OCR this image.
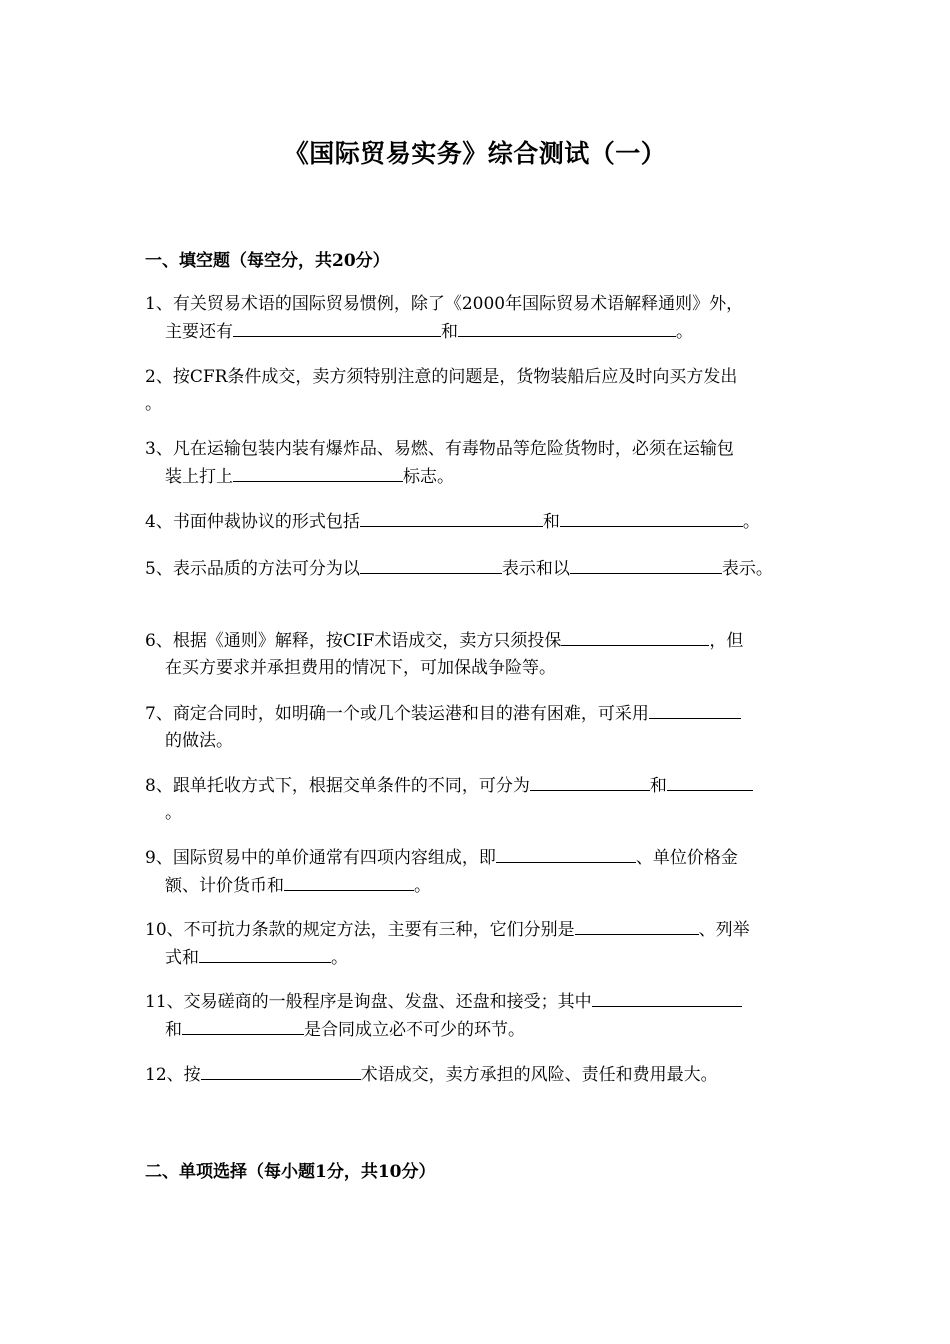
《国际贸易实务》综合测试（一）
一、填空题（每空分，共20分）
1、有关贸易术语的国际贸易惯例，除了《2000年国际贸易术语解释通则》外，
主要还有	和	。
2、按CFR条件成交，卖方须特别注意的问题是，货物装船后应及时向买方发出
。
3、凡在运输包装内装有爆炸品、易燃、有毒物品等危险货物时，必须在运输包
装上打上	标志。
4、书面仲裁协议的形式包括	和	。
5、表示品质的方法可分为以	表示和以	表示。
6、根据《通则》解释，按CIF术语成交，卖方只须投保	，但
在买方要求并承担费用的情况下，可加保战争险等。
7、商定合同时，如明确一个或几个装运港和目的港有困难，可采用
的做法。
8、跟单托收方式下，根据交单条件的不同，可分为	和
。
9、国际贸易中的单价通常有四项内容组成，即	、单位价格金
额、计价货币和	。
10、不可抗力条款的规定方法，主要有三种，它们分别是	、列举
式和	。
11、交易磋商的一般程序是询盘、发盘、还盘和接受；其中
和	是合同成立必不可少的环节。
12、按	术语成交，卖方承担的风险、责任和费用最大。
二、单项选择（每小题1分，共10分）
